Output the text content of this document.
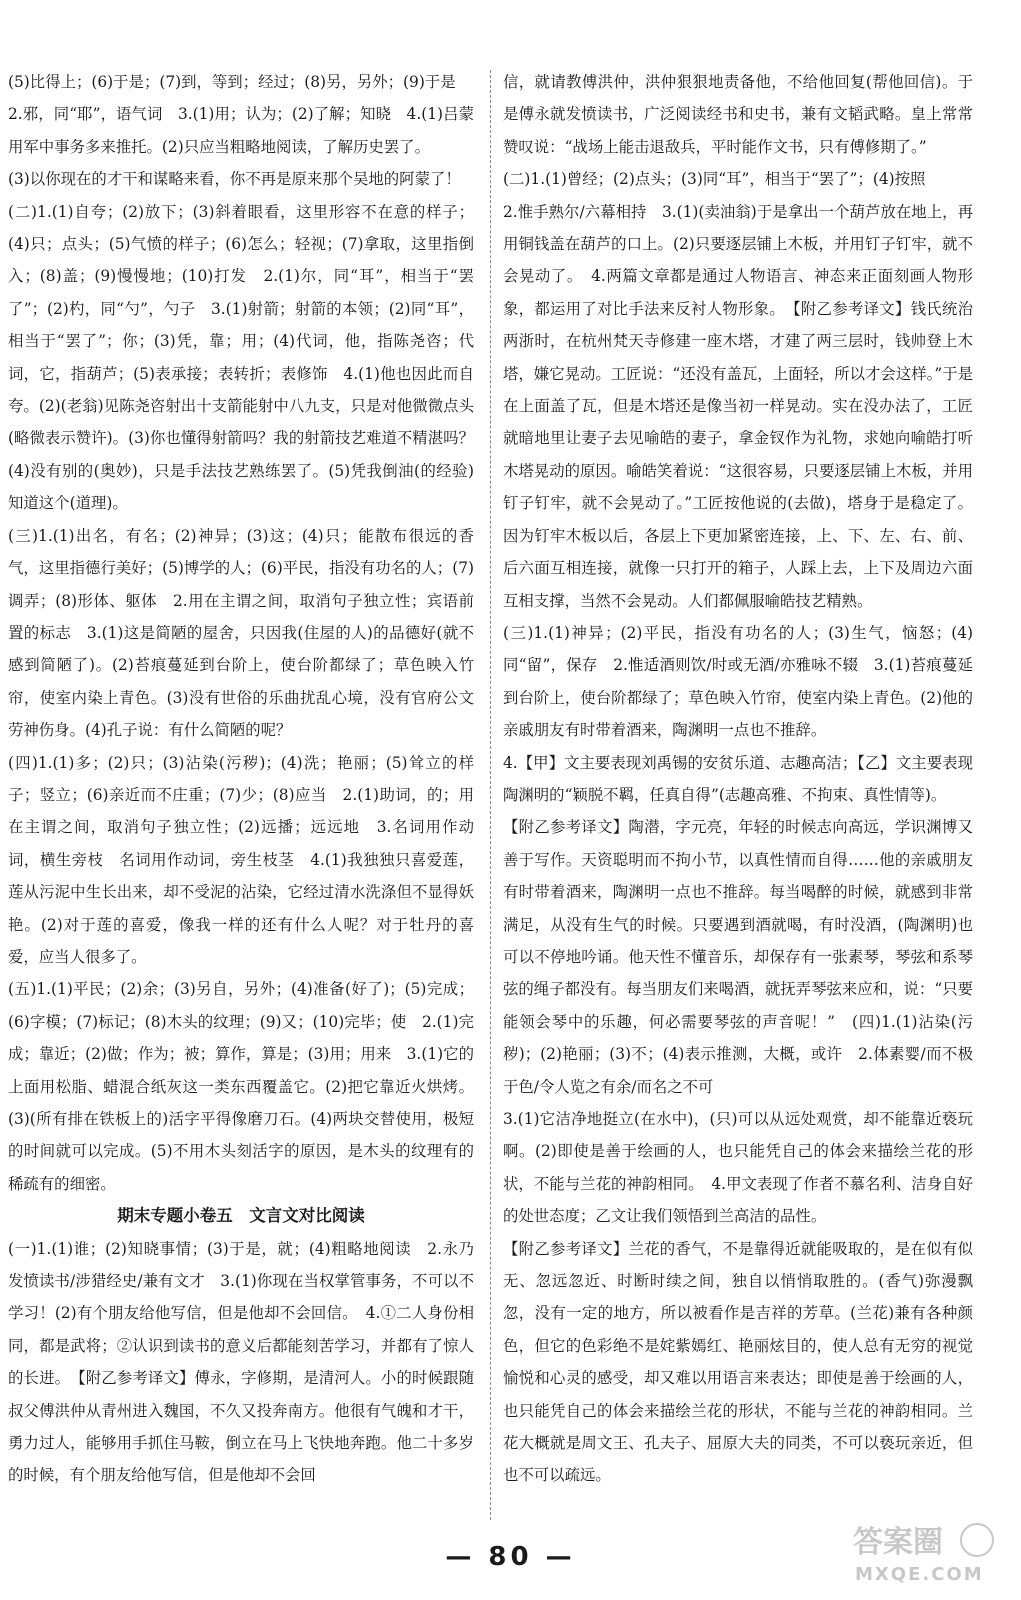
(5)比得上；(6)于是；(7)到，等到；经过；(8)另，另外；(9)于是

2.邪，同“耶”，语气词　3.(1)用；认为；(2)了解；知晓　4.(1)吕蒙用军中事务多来推托。(2)只应当粗略地阅读，了解历史罢了。

(3)以你现在的才干和谋略来看，你不再是原来那个吴地的阿蒙了！

(二)1.(1)自夸；(2)放下；(3)斜着眼看，这里形容不在意的样子；(4)只；点头；(5)气愤的样子；(6)怎么；轻视；(7)拿取，这里指倒入；(8)盖；(9)慢慢地；(10)打发　2.(1)尔，同“耳”，相当于“罢了”；(2)杓，同“勺”，勺子　3.(1)射箭；射箭的本领；(2)同“耳”，相当于“罢了”；你；(3)凭，靠；用；(4)代词，他，指陈尧咨；代词，它，指葫芦；(5)表承接；表转折；表修饰　4.(1)他也因此而自夸。(2)(老翁)见陈尧咨射出十支箭能射中八九支，只是对他微微点头(略微表示赞许)。(3)你也懂得射箭吗？我的射箭技艺难道不精湛吗？(4)没有别的(奥妙)，只是手法技艺熟练罢了。(5)凭我倒油(的经验)知道这个(道理)。

(三)1.(1)出名，有名；(2)神异；(3)这；(4)只；能散布很远的香气，这里指德行美好；(5)博学的人；(6)平民，指没有功名的人；(7)调弄；(8)形体、躯体　2.用在主谓之间，取消句子独立性；宾语前置的标志　3.(1)这是简陋的屋舍，只因我(住屋的人)的品德好(就不感到简陋了)。(2)苔痕蔓延到台阶上，使台阶都绿了；草色映入竹帘，使室内染上青色。(3)没有世俗的乐曲扰乱心境，没有官府公文劳神伤身。(4)孔子说：有什么简陋的呢？

(四)1.(1)多；(2)只；(3)沾染(污秽)；(4)洗；艳丽；(5)耸立的样子；竖立；(6)亲近而不庄重；(7)少；(8)应当　2.(1)助词，的；用在主谓之间，取消句子独立性；(2)远播；远远地　3.名词用作动词，横生旁枝　名词用作动词，旁生枝茎　4.(1)我独独只喜爱莲，莲从污泥中生长出来，却不受泥的沾染，它经过清水洗涤但不显得妖艳。(2)对于莲的喜爱，像我一样的还有什么人呢？对于牡丹的喜爱，应当人很多了。

(五)1.(1)平民；(2)余；(3)另自，另外；(4)准备(好了)；(5)完成；(6)字模；(7)标记；(8)木头的纹理；(9)又；(10)完毕；使　2.(1)完成；靠近；(2)做；作为；被；算作，算是；(3)用；用来　3.(1)它的上面用松脂、蜡混合纸灰这一类东西覆盖它。(2)把它靠近火烘烤。(3)(所有排在铁板上的)活字平得像磨刀石。(4)两块交替使用，极短的时间就可以完成。(5)不用木头刻活字的原因，是木头的纹理有的稀疏有的细密。

期末专题小卷五　文言文对比阅读

(一)1.(1)谁；(2)知晓事情；(3)于是，就；(4)粗略地阅读　2.永乃发愤读书/涉猎经史/兼有文才　3.(1)你现在当权掌管事务，不可以不学习！(2)有个朋友给他写信，但是他却不会回信。　4.①二人身份相同，都是武将；②认识到读书的意义后都能刻苦学习，并都有了惊人的长进。　【附乙参考译文】傅永，字修期，是清河人。小的时候跟随叔父傅洪仲从青州进入魏国，不久又投奔南方。他很有气魄和才干，勇力过人，能够用手抓住马鞍，倒立在马上飞快地奔跑。他二十多岁的时候，有个朋友给他写信，但是他却不会回

信，就请教傅洪仲，洪仲狠狠地责备他，不给他回复(帮他回信)。于是傅永就发愤读书，广泛阅读经书和史书，兼有文韬武略。皇上常常赞叹说：“战场上能击退敌兵，平时能作文书，只有傅修期了。”

(二)1.(1)曾经；(2)点头；(3)同“耳”，相当于“罢了”；(4)按照

2.惟手熟尔/六幕相持　3.(1)(卖油翁)于是拿出一个葫芦放在地上，再用铜钱盖在葫芦的口上。(2)只要逐层铺上木板，并用钉子钉牢，就不会晃动了。　4.两篇文章都是通过人物语言、神态来正面刻画人物形象，都运用了对比手法来反衬人物形象。　【附乙参考译文】钱氏统治两浙时，在杭州梵天寺修建一座木塔，才建了两三层时，钱帅登上木塔，嫌它晃动。工匠说：“还没有盖瓦，上面轻，所以才会这样。”于是在上面盖了瓦，但是木塔还是像当初一样晃动。实在没办法了，工匠就暗地里让妻子去见喻皓的妻子，拿金钗作为礼物，求她向喻皓打听木塔晃动的原因。喻皓笑着说：“这很容易，只要逐层铺上木板，并用钉子钉牢，就不会晃动了。”工匠按他说的(去做)，塔身于是稳定了。因为钉牢木板以后，各层上下更加紧密连接，上、下、左、右、前、后六面互相连接，就像一只打开的箱子，人踩上去，上下及周边六面互相支撑，当然不会晃动。人们都佩服喻皓技艺精熟。

(三)1.(1)神异；(2)平民，指没有功名的人；(3)生气，恼怒；(4)同“留”，保存　2.惟适酒则饮/时或无酒/亦雅咏不辍　3.(1)苔痕蔓延到台阶上，使台阶都绿了；草色映入竹帘，使室内染上青色。(2)他的亲戚朋友有时带着酒来，陶渊明一点也不推辞。

4.【甲】文主要表现刘禹锡的安贫乐道、志趣高洁；【乙】文主要表现陶渊明的“颖脱不羁，任真自得”(志趣高雅、不拘束、真性情等)。

【附乙参考译文】陶潜，字元亮，年轻的时候志向高远，学识渊博又善于写作。天资聪明而不拘小节，以真性情而自得……他的亲戚朋友有时带着酒来，陶渊明一点也不推辞。每当喝醉的时候，就感到非常满足，从没有生气的时候。只要遇到酒就喝，有时没酒，(陶渊明)也可以不停地吟诵。他天性不懂音乐，却保存有一张素琴，琴弦和系琴弦的绳子都没有。每当朋友们来喝酒，就抚弄琴弦来应和，说：“只要能领会琴中的乐趣，何必需要琴弦的声音呢！”　(四)1.(1)沾染(污秽)；(2)艳丽；(3)不；(4)表示推测，大概，或许　2.体素婴/而不极于色/令人览之有余/而名之不可

3.(1)它洁净地挺立(在水中)，(只)可以从远处观赏，却不能靠近亵玩啊。(2)即使是善于绘画的人，也只能凭自己的体会来描绘兰花的形状，不能与兰花的神韵相同。　4.甲文表现了作者不慕名利、洁身自好的处世态度；乙文让我们领悟到兰高洁的品性。

【附乙参考译文】兰花的香气，不是靠得近就能吸取的，是在似有似无、忽远忽近、时断时续之间，独自以悄悄取胜的。(香气)弥漫飘忽，没有一定的地方，所以被看作是吉祥的芳草。(兰花)兼有各种颜色，但它的色彩绝不是姹紫嫣红、艳丽炫目的，使人总有无穷的视觉愉悦和心灵的感受，却又难以用语言来表达；即使是善于绘画的人，也只能凭自己的体会来描绘兰花的形状，不能与兰花的神韵相同。兰花大概就是周文王、孔夫子、屈原大夫的同类，不可以亵玩亲近，但也不可以疏远。

— 80 —	答案圈
MXQE.COM
